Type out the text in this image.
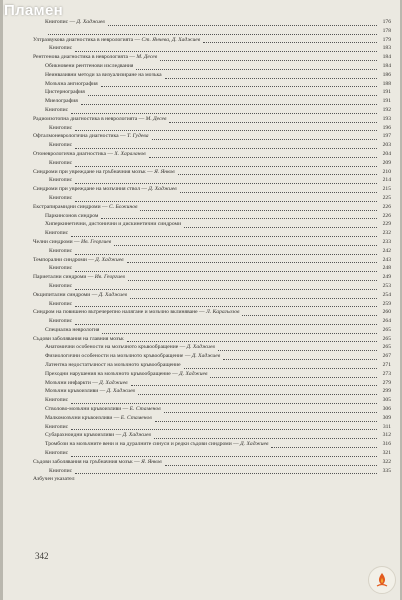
Книгопис — Д. Хаджиев	176
178
Ултразвукова диагностика в неврологията — Ст. Янчева, Д. Хаджиев	179
Книгопис	183
Рентгенова диагностика в неврологията — М. Десев	184
Обикновени рентгенови изследвания	184
Неинвазивни методи за визуализиране на мозъка	186
Мозъчна ангиография	188
Цистернография	191
Миелография	191
Книгопис	192
Радиоизотопна диагностика в неврологията — М. Десев	193
Книгопис	196
Офталмоневрологична диагностика — Т. Гудева	197
Книгопис	203
Отоневрологична диагностика — Х. Хараланов	204
Книгопис	209
Синдроми при увреждане на гръбначния мозък — Я. Янков	210
Книгопис	214
Синдроми при увреждане на мозъчния ствол — Д. Хаджиев	215
Книгопис	225
Екстрапирамидни синдроми — С. Божинов	226
Паркинсонов синдром	226
Хиперкинетични, дистонични и дискинетични синдроми	229
Книгопис	232
Челни синдроми — Ив. Георгиев	233
Книгопис	242
Темпорални синдроми — Д. Хаджиев	243
Книгопис	248
Париетални синдроми — Ив. Георгиев	249
Книгопис	253
Окципитални синдроми — Д. Хаджиев	254
Книгопис	259
Синдром на повишено вътречерепно налягане и мозъчно вклиняване — Л. Карагьозов	260
Книгопис	264
Специална неврология	265
Съдови заболявания на главния мозък	265
Анатомични особености на мозъчното кръвообращение — Д. Хаджиев	265
Физиологични особености на мозъчното кръвообращение — Д. Хаджиев	267
Латентна недостатъчност на мозъчното кръвообращение	271
Преходни нарушения на мозъчното кръвообращение — Д. Хаджиев	273
Мозъчни инфаркти — Д. Хаджиев	279
Мозъчни кръвоизливи — Д. Хаджиев	299
Книгопис	305
Стволово-мозъчни кръвоизливи — Е. Стаменов	306
Малкомозъчни кръвоизливи — Е. Стаменов	309
Книгопис	311
Субарахноидни кръвоизливи — Д. Хаджиев	312
Тромбози на мозъчните вени и на дуралните синуси и редки съдови синдроми — Д. Хаджиев	316
Книгопис	321
Съдови заболявания на гръбначния мозък — Я. Янков	322
Книгопис	335
Азбучен указател
342
Пламен
